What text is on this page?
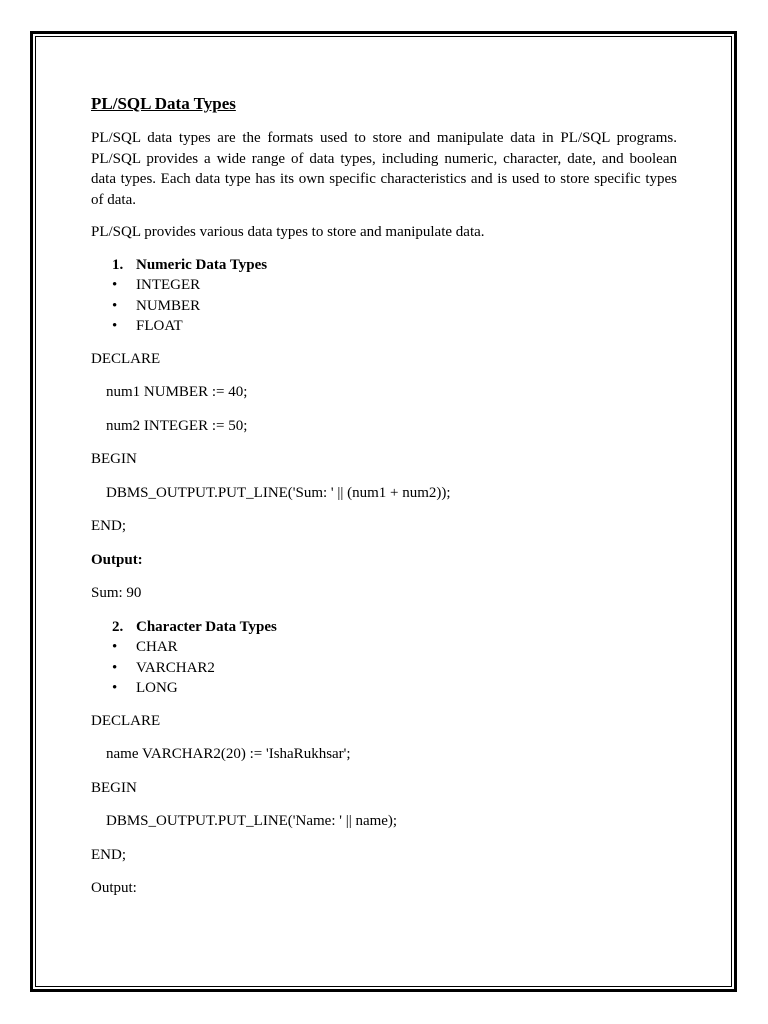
PL/SQL Data Types
PL/SQL data types are the formats used to store and manipulate data in PL/SQL programs. PL/SQL provides a wide range of data types, including numeric, character, date, and boolean data types. Each data type has its own specific characteristics and is used to store specific types of data.
PL/SQL provides various data types to store and manipulate data.
1. Numeric Data Types
• INTEGER
• NUMBER
• FLOAT
DECLARE
num1 NUMBER := 40;
num2 INTEGER := 50;
BEGIN
DBMS_OUTPUT.PUT_LINE('Sum: ' || (num1 + num2));
END;
Output:
Sum: 90
2. Character Data Types
• CHAR
• VARCHAR2
• LONG
DECLARE
name VARCHAR2(20) := 'IshaRukhsar';
BEGIN
DBMS_OUTPUT.PUT_LINE('Name: ' || name);
END;
Output:
